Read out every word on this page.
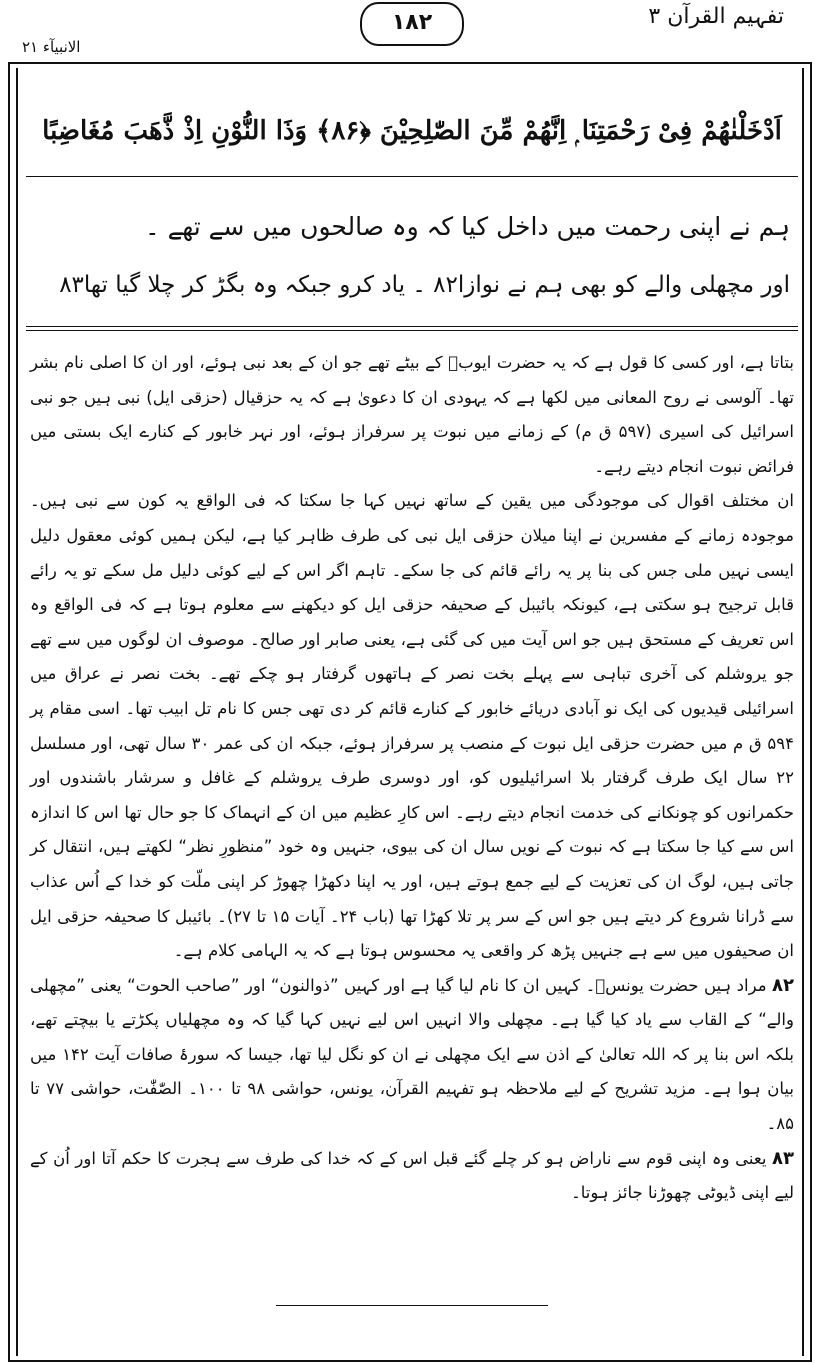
تفہیم القرآن ۳
۱۸۲
الانبیآء ۲۱
اَدْخَلْنٰهُمْ فِیْ رَحْمَتِنَا ۭ اِنَّهُمْ مِّنَ الصّٰلِحِیْنَ ﴿۸۶﴾ وَذَا النُّوْنِ اِذْ ذَّهَبَ مُغَاضِبًا
ہم نے اپنی رحمت میں داخل کیا کہ وہ صالحوں میں سے تھے ۔
اور مچھلی والے کو بھی ہم نے نوازا۸۲ ۔ یاد کرو جبکہ وہ بگڑ کر چلا گیا تھا۸۳

بتاتا ہے، اور کسی کا قول ہے کہ یہ حضرت ایوبؑ کے بیٹے تھے جو ان کے بعد نبی ہوئے، اور ان کا اصلی نام بشر تھا۔ آلوسی نے روح المعانی میں لکھا ہے کہ یہودی ان کا دعویٰ ہے کہ یہ حزقیال (حزقی ایل) نبی ہیں جو نبی اسرائیل کی اسیری (۵۹۷ ق م) کے زمانے میں نبوت پر سرفراز ہوئے، اور نہر خابور کے کنارے ایک بستی میں فرائض نبوت انجام دیتے رہے۔

ان مختلف اقوال کی موجودگی میں یقین کے ساتھ نہیں کہا جا سکتا کہ فی الواقع یہ کون سے نبی ہیں۔ موجودہ زمانے کے مفسرین نے اپنا میلان حزقی ایل نبی کی طرف ظاہر کیا ہے، لیکن ہمیں کوئی معقول دلیل ایسی نہیں ملی جس کی بنا پر یہ رائے قائم کی جا سکے۔ تاہم اگر اس کے لیے کوئی دلیل مل سکے تو یہ رائے قابل ترجیح ہو سکتی ہے، کیونکہ بائیبل کے صحیفہ حزقی ایل کو دیکھنے سے معلوم ہوتا ہے کہ فی الواقع وہ اس تعریف کے مستحق ہیں جو اس آیت میں کی گئی ہے، یعنی صابر اور صالح۔ موصوف ان لوگوں میں سے تھے جو یروشلم کی آخری تباہی سے پہلے بخت نصر کے ہاتھوں گرفتار ہو چکے تھے۔ بخت نصر نے عراق میں اسرائیلی قیدیوں کی ایک نو آبادی دریائے خابور کے کنارے قائم کر دی تھی جس کا نام تل ابیب تھا۔ اسی مقام پر ۵۹۴ ق م میں حضرت حزقی ایل نبوت کے منصب پر سرفراز ہوئے، جبکہ ان کی عمر ۳۰ سال تھی، اور مسلسل ۲۲ سال ایک طرف گرفتار بلا اسرائیلیوں کو، اور دوسری طرف یروشلم کے غافل و سرشار باشندوں اور حکمرانوں کو چونکانے کی خدمت انجام دیتے رہے۔ اس کارِ عظیم میں ان کے انہماک کا جو حال تھا اس کا اندازہ اس سے کیا جا سکتا ہے کہ نبوت کے نویں سال ان کی بیوی، جنہیں وہ خود ”منظورِ نظر“ لکھتے ہیں، انتقال کر جاتی ہیں، لوگ ان کی تعزیت کے لیے جمع ہوتے ہیں، اور یہ اپنا دکھڑا چھوڑ کر اپنی ملّت کو خدا کے اُس عذاب سے ڈرانا شروع کر دیتے ہیں جو اس کے سر پر تلا کھڑا تھا (باب ۲۴۔ آیات ۱۵ تا ۲۷)۔ بائیبل کا صحیفہ حزقی ایل ان صحیفوں میں سے ہے جنہیں پڑھ کر واقعی یہ محسوس ہوتا ہے کہ یہ الہامی کلام ہے۔

۸۲ مراد ہیں حضرت یونسؑ۔ کہیں ان کا نام لیا گیا ہے اور کہیں ”ذوالنون“ اور ”صاحب الحوت“ یعنی ”مچھلی والے“ کے القاب سے یاد کیا گیا ہے۔ مچھلی والا انہیں اس لیے نہیں کہا گیا کہ وہ مچھلیاں پکڑتے یا بیچتے تھے، بلکہ اس بنا پر کہ اللہ تعالیٰ کے اذن سے ایک مچھلی نے ان کو نگل لیا تھا، جیسا کہ سورۂ صافات آیت ۱۴۲ میں بیان ہوا ہے۔ مزید تشریح کے لیے ملاحظہ ہو تفہیم القرآن، یونس، حواشی ۹۸ تا ۱۰۰۔ الصّٰفّٰت، حواشی ۷۷ تا ۸۵۔

۸۳ یعنی وہ اپنی قوم سے ناراض ہو کر چلے گئے قبل اس کے کہ خدا کی طرف سے ہجرت کا حکم آتا اور اُن کے لیے اپنی ڈیوٹی چھوڑنا جائز ہوتا۔
